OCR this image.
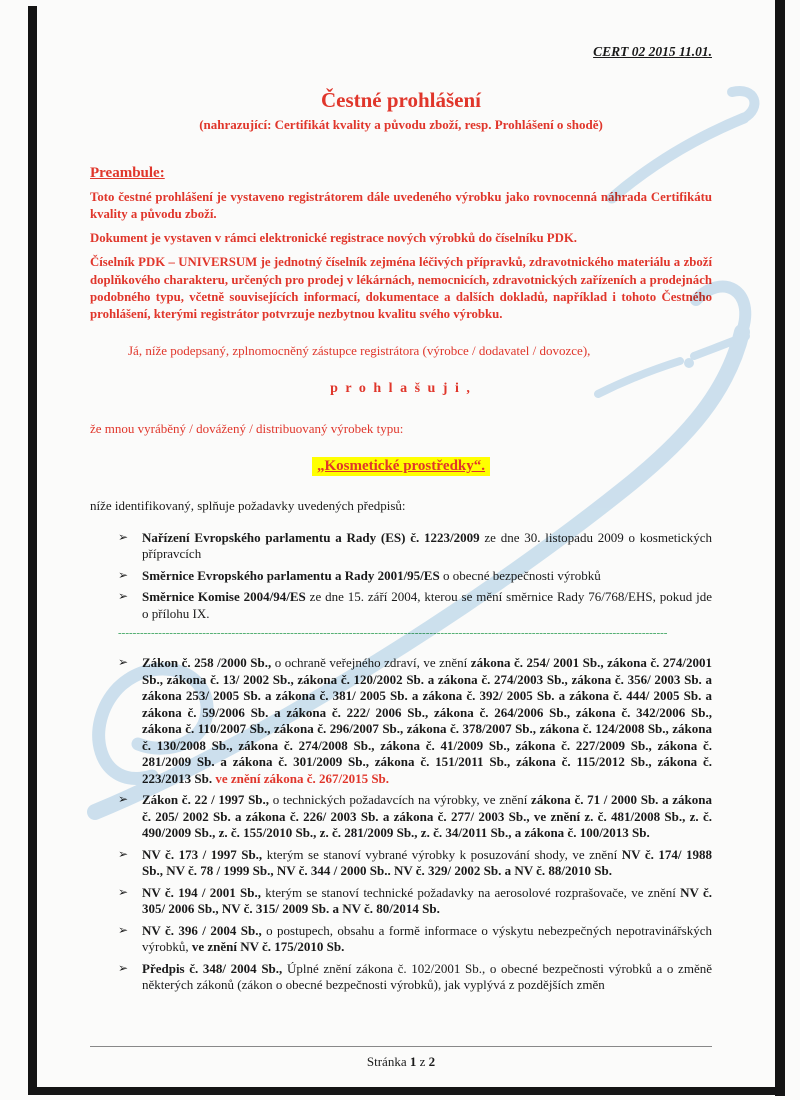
CERT 02 2015 11.01.
Čestné prohlášení
(nahrazující: Certifikát kvality a původu zboží, resp. Prohlášení o shodě)
Preambule:

Toto čestné prohlášení je vystaveno registrátorem dále uvedeného výrobku jako rovnocenná náhrada Certifikátu kvality a původu zboží.

Dokument je vystaven v rámci elektronické registrace nových výrobků do číselníku PDK.

Číselník PDK – UNIVERSUM je jednotný číselník zejména léčivých přípravků, zdravotnického materiálu a zboží doplňkového charakteru, určených pro prodej v lékárnách, nemocnicích, zdravotnických zařízeních a prodejnách podobného typu, včetně souvisejících informací, dokumentace a dalších dokladů, například i tohoto Čestného prohlášení, kterými registrátor potvrzuje nezbytnou kvalitu svého výrobku.

Já, níže podepsaný, zplnomocněný zástupce registrátora (výrobce / dodavatel / dovozce),
p r o h l a š u j i ,
že mnou vyráběný / dovážený / distribuovaný výrobek typu:
„Kosmetické prostředky“.
níže identifikovaný, splňuje požadavky uvedených předpisů:
➢ Nařízení Evropského parlamentu a Rady (ES) č. 1223/2009 ze dne 30. listopadu 2009 o kosmetických přípravcích
➢ Směrnice Evropského parlamentu a Rady 2001/95/ES o obecné bezpečnosti výrobků
➢ Směrnice Komise 2004/94/ES ze dne 15. září 2004, kterou se mění směrnice Rady 76/768/EHS, pokud jde o přílohu IX.
------------------------------------------------------------------------------------------------------------------------------------------------------
➢ Zákon č. 258 /2000 Sb., o ochraně veřejného zdraví, ve znění zákona č. 254/ 2001 Sb., zákona č. 274/2001 Sb., zákona č. 13/ 2002 Sb., zákona č. 120/2002 Sb. a zákona č. 274/2003 Sb., zákona č. 356/ 2003 Sb. a zákona 253/ 2005 Sb. a zákona č. 381/ 2005 Sb. a zákona č. 392/ 2005 Sb. a zákona č. 444/ 2005 Sb. a zákona č. 59/2006 Sb. a zákona č. 222/ 2006 Sb., zákona č. 264/2006 Sb., zákona č. 342/2006 Sb., zákona č. 110/2007 Sb., zákona č. 296/2007 Sb., zákona č. 378/2007 Sb., zákona č. 124/2008 Sb., zákona č. 130/2008 Sb., zákona č. 274/2008 Sb., zákona č. 41/2009 Sb., zákona č. 227/2009 Sb., zákona č. 281/2009 Sb. a zákona č. 301/2009 Sb., zákona č. 151/2011 Sb., zákona č. 115/2012 Sb., zákona č. 223/2013 Sb. ve znění zákona č. 267/2015 Sb.
➢ Zákon č. 22 / 1997 Sb., o technických požadavcích na výrobky, ve znění zákona č. 71 / 2000 Sb. a zákona č. 205/ 2002 Sb. a zákona č. 226/ 2003 Sb. a zákona č. 277/ 2003 Sb., ve znění z. č. 481/2008 Sb., z. č. 490/2009 Sb., z. č. 155/2010 Sb., z. č. 281/2009 Sb., z. č. 34/2011 Sb., a zákona č. 100/2013 Sb.
➢ NV č. 173 / 1997 Sb., kterým se stanoví vybrané výrobky k posuzování shody, ve znění NV č. 174/ 1988 Sb., NV č. 78 / 1999 Sb., NV č. 344 / 2000 Sb.. NV č. 329/ 2002 Sb. a NV č. 88/2010 Sb.
➢ NV č. 194 / 2001 Sb., kterým se stanoví technické požadavky na aerosolové rozprašovače, ve znění NV č. 305/ 2006 Sb., NV č. 315/ 2009 Sb. a NV č. 80/2014 Sb.
➢ NV č. 396 / 2004 Sb., o postupech, obsahu a formě informace o výskytu nebezpečných nepotravinářských výrobků, ve znění NV č. 175/2010 Sb.
➢ Předpis č. 348/ 2004 Sb., Úplné znění zákona č. 102/2001 Sb., o obecné bezpečnosti výrobků a o změně některých zákonů (zákon o obecné bezpečnosti výrobků), jak vyplývá z pozdějších změn
Stránka 1 z 2
